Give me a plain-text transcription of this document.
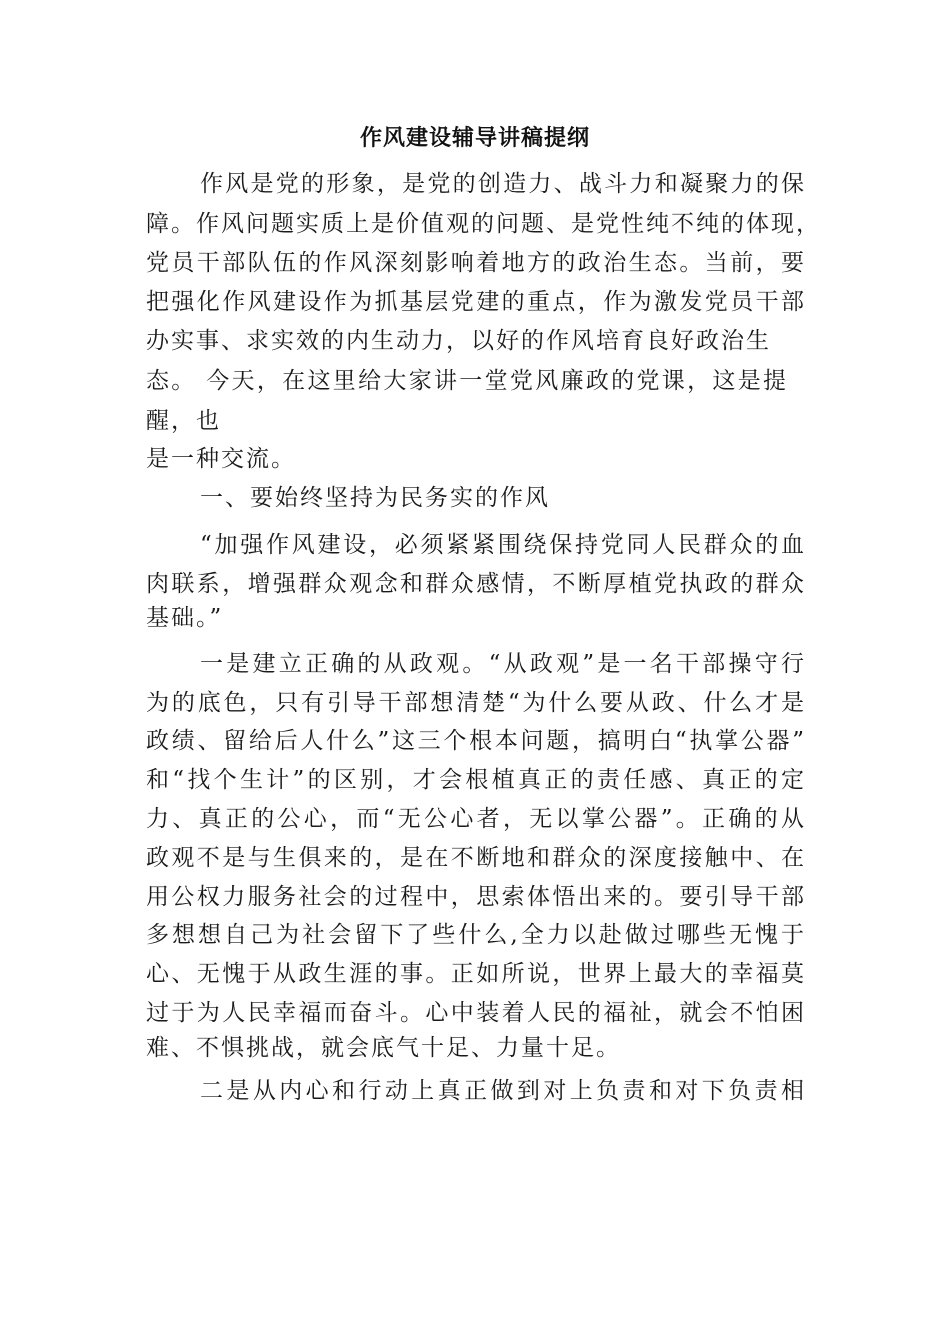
作风建设辅导讲稿提纲
作风是党的形象，是党的创造力、战斗力和凝聚力的保
障。作风问题实质上是价值观的问题、是党性纯不纯的体现，
党员干部队伍的作风深刻影响着地方的政治生态。当前，要
把强化作风建设作为抓基层党建的重点，作为激发党员干部
办实事、求实效的内生动力，以好的作风培育良好政治生
态。 今天，在这里给大家讲一堂党风廉政的党课，这是提
醒，也
是一种交流。
一、要始终坚持为民务实的作风
“加强作风建设，必须紧紧围绕保持党同人民群众的血
肉联系，增强群众观念和群众感情，不断厚植党执政的群众
基础。”
一是建立正确的从政观。“从政观”是一名干部操守行
为的底色，只有引导干部想清楚“为什么要从政、什么才是
政绩、留给后人什么”这三个根本问题，搞明白“执掌公器”
和“找个生计”的区别，才会根植真正的责任感、真正的定
力、真正的公心，而“无公心者，无以掌公器”。正确的从
政观不是与生俱来的，是在不断地和群众的深度接触中、在
用公权力服务社会的过程中，思索体悟出来的。要引导干部
多想想自己为社会留下了些什么,全力以赴做过哪些无愧于
心、无愧于从政生涯的事。正如所说，世界上最大的幸福莫
过于为人民幸福而奋斗。心中装着人民的福祉，就会不怕困
难、不惧挑战，就会底气十足、力量十足。
二是从内心和行动上真正做到对上负责和对下负责相
